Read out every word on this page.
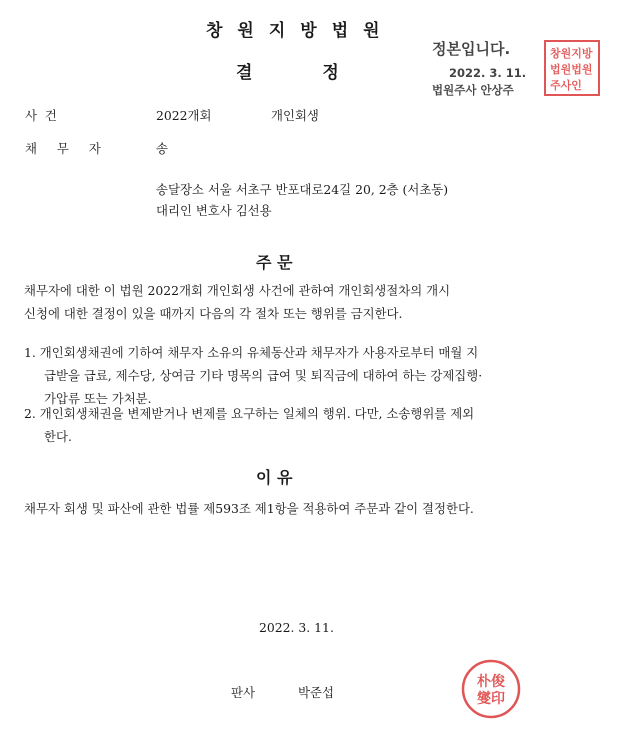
창원지방법원
결정
정본입니다.
2022. 3. 11.
법원주사 안상주
창원지방
법원법원
주사인
사 건	2022개회	개인회생
채 무 자	송
송달장소 서울 서초구 반포대로24길 20, 2층 (서초동)
대리인 변호사 김선용
주 문
채무자에 대한 이 법원 2022개회 개인회생 사건에 관하여 개인회생절차의 개시
신청에 대한 결정이 있을 때까지 다음의 각 절차 또는 행위를 금지한다.
1. 개인회생채권에 기하여 채무자 소유의 유체동산과 채무자가 사용자로부터 매월 지
급받을 급료, 제수당, 상여금 기타 명목의 급여 및 퇴직금에 대하여 하는 강제집행·
가압류 또는 가처분.
2. 개인회생채권을 변제받거나 변제를 요구하는 일체의 행위. 다만, 소송행위를 제외
한다.
이 유
채무자 회생 및 파산에 관한 법률 제593조 제1항을 적용하여 주문과 같이 결정한다.
2022. 3. 11.
판사	박준섭
朴俊
燮印
